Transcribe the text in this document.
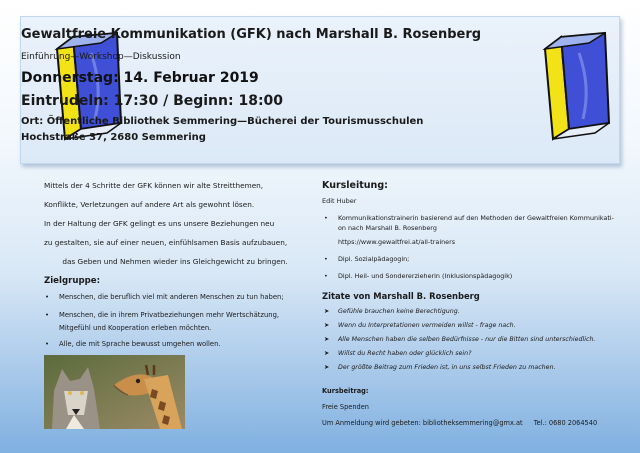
Gewaltfreie Kommunikation (GFK) nach Marshall B. Rosenberg
Einführung—Workshop—Diskussion
Donnerstag: 14. Februar 2019
Eintrudeln: 17:30 / Beginn: 18:00
Ort: Öffentliche Bibliothek Semmering—Bücherei der Tourismusschulen
Hochstraße 37, 2680 Semmering
Mittels der 4 Schritte der GFK können wir alte Streitthemen,
Konflikte, Verletzungen auf andere Art als gewohnt lösen.
In der Haltung der GFK gelingt es uns unsere Beziehungen neu
zu gestalten, sie auf einer neuen, einfühlsamen Basis aufzubauen,
das Geben und Nehmen wieder ins Gleichgewicht zu bringen.
Zielgruppe:
• Menschen, die beruflich viel mit anderen Menschen zu tun haben;
• Menschen, die in ihrem Privatbeziehungen mehr Wertschätzung, Mitgefühl und Kooperation erleben möchten.
• Alle, die mit Sprache bewusst umgehen wollen.
Kursleitung:
Edit Huber
• Kommunikationstrainerin basierend auf den Methoden der Gewaltfreien Kommunikati-on nach Marshall B. Rosenberg
https://www.gewaltfrei.at/all-trainers
• Dipl. Sozialpädagogin;
• Dipl. Heil- und Sondererzieherin (Inklusionspädagogik)
Zitate von Marshall B. Rosenberg
➤ Gefühle brauchen keine Berechtigung.
➤ Wenn du Interpretationen vermeiden willst - frage nach.
➤ Alle Menschen haben die selben Bedürfnisse - nur die Bitten sind unterschiedlich.
➤ Willst du Recht haben oder glücklich sein?
➤ Der größte Beitrag zum Frieden ist, in uns selbst Frieden zu machen.
Kursbeitrag:
Freie Spenden
Um Anmeldung wird gebeten: bibliotheksemmering@gmx.at Tel.: 0680 2064540
